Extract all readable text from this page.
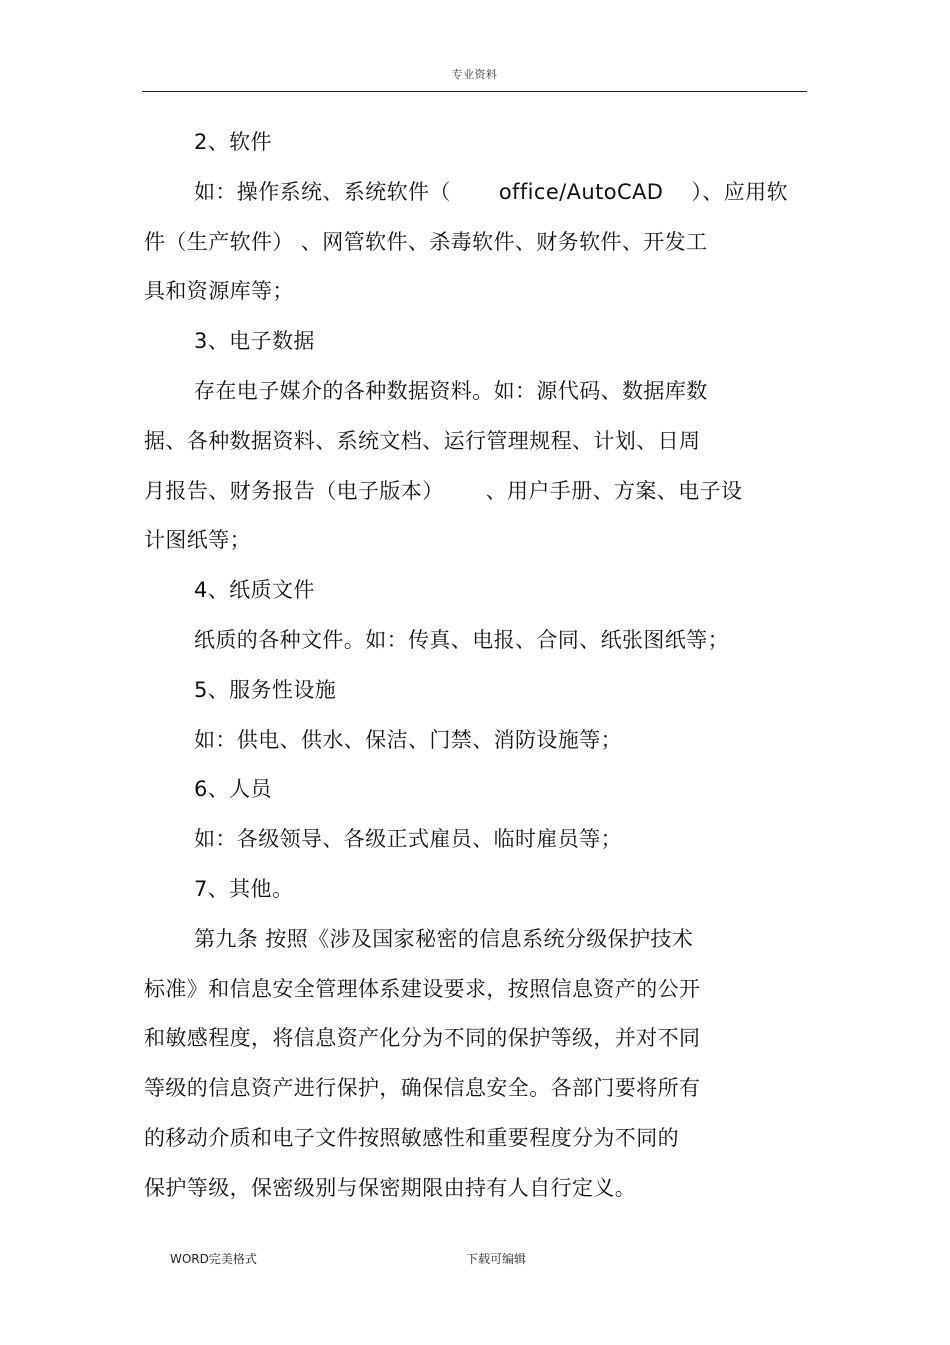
专业资料
2、软件
如：操作系统、系统软件（ office/AutoCAD ）、应用软
件（生产软件） 、网管软件、杀毒软件、财务软件、开发工
具和资源库等；
3、电子数据
存在电子媒介的各种数据资料。如：源代码、数据库数
据、各种数据资料、系统文档、运行管理规程、计划、日周
月报告、财务报告（电子版本） 、用户手册、方案、电子设
计图纸等；
4、纸质文件
纸质的各种文件。如：传真、电报、合同、纸张图纸等；
5、服务性设施
如：供电、供水、保洁、门禁、消防设施等；
6、人员
如：各级领导、各级正式雇员、临时雇员等；
7、其他。
第九条 按照《涉及国家秘密的信息系统分级保护技术
标准》和信息安全管理体系建设要求，按照信息资产的公开
和敏感程度，将信息资产化分为不同的保护等级，并对不同
等级的信息资产进行保护，确保信息安全。各部门要将所有
的移动介质和电子文件按照敏感性和重要程度分为不同的
保护等级，保密级别与保密期限由持有人自行定义。
WORD完美格式	下载可编辑
